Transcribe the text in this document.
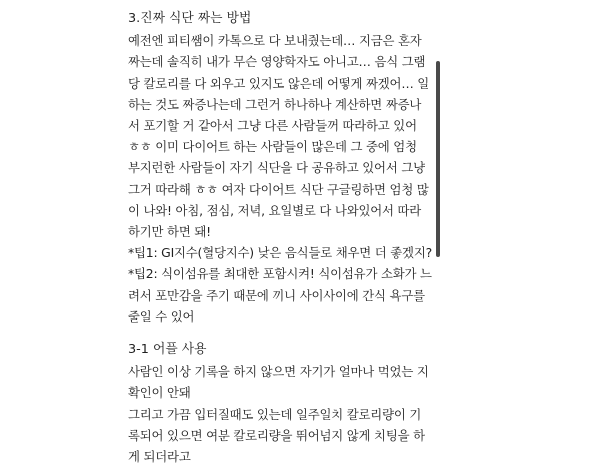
3.진짜 식단 짜는 방법
예전엔 피티쌤이 카톡으로 다 보내줬는데… 지금은 혼자
짜는데 솔직히 내가 무슨 영양학자도 아니고… 음식 그램
당 칼로리를 다 외우고 있지도 않은데 어떻게 짜겠어… 일
하는 것도 짜증나는데 그런거 하나하나 계산하면 짜증나
서 포기할 거 같아서 그냥 다른 사람들꺼 따라하고 있어
ㅎㅎ 이미 다이어트 하는 사람들이 많은데 그 중에 엄청
부지런한 사람들이 자기 식단을 다 공유하고 있어서 그냥
그거 따라해 ㅎㅎ 여자 다이어트 식단 구글링하면 엄청 많
이 나와! 아침, 점심, 저녁, 요일별로 다 나와있어서 따라
하기만 하면 돼!
*팁1: GI지수(혈당지수) 낮은 음식들로 채우면 더 좋겠지?
*팁2: 식이섬유를 최대한 포함시켜! 식이섬유가 소화가 느
려서 포만감을 주기 때문에 끼니 사이사이에 간식 욕구를
줄일 수 있어
3-1 어플 사용
사람인 이상 기록을 하지 않으면 자기가 얼마나 먹었는 지
확인이 안돼
그리고 가끔 입터질때도 있는데 일주일치 칼로리량이 기
록되어 있으면 여분 칼로리량을 뛰어넘지 않게 치팅을 하
게 되더라고
